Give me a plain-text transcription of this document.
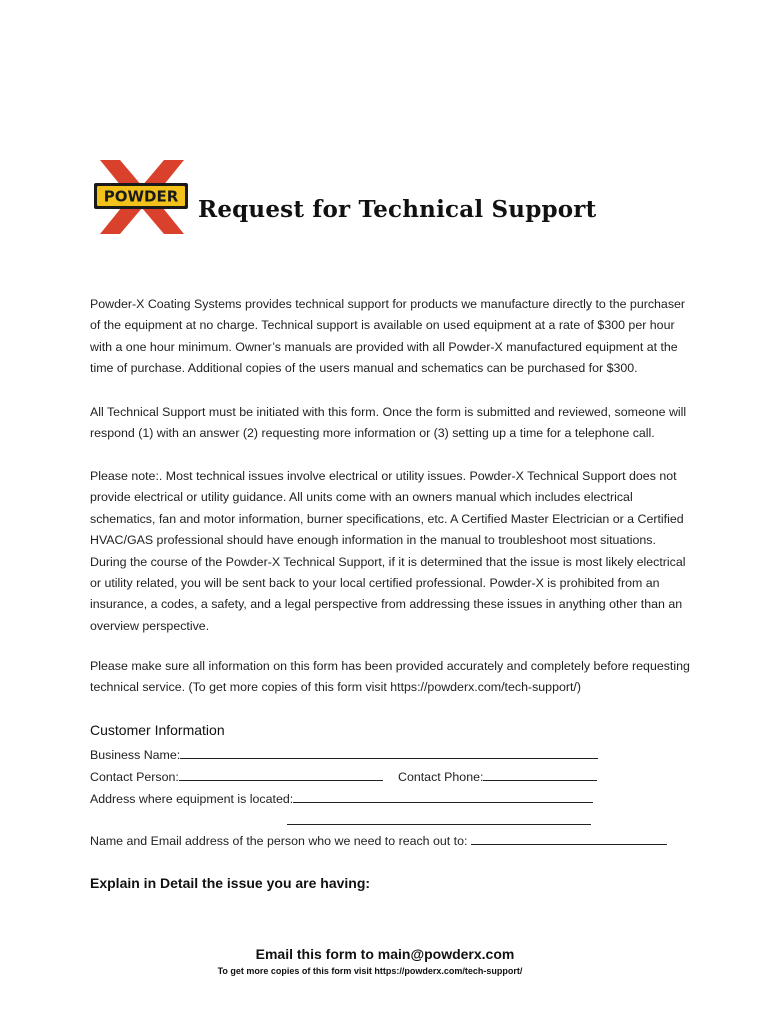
POWDER Request for Technical Support

Powder-X Coating Systems provides technical support for products we manufacture directly to the purchaser of the equipment at no charge. Technical support is available on used equipment at a rate of $300 per hour with a one hour minimum. Owner’s manuals are provided with all Powder-X manufactured equipment at the time of purchase. Additional copies of the users manual and schematics can be purchased for $300.

All Technical Support must be initiated with this form. Once the form is submitted and reviewed, someone will respond (1) with an answer (2) requesting more information or (3) setting up a time for a telephone call.

Please note:. Most technical issues involve electrical or utility issues. Powder-X Technical Support does not provide electrical or utility guidance. All units come with an owners manual which includes electrical schematics, fan and motor information, burner specifications, etc. A Certified Master Electrician or a Certified HVAC/GAS professional should have enough information in the manual to troubleshoot most situations. During the course of the Powder-X Technical Support, if it is determined that the issue is most likely electrical or utility related, you will be sent back to your local certified professional. Powder-X is prohibited from an insurance, a codes, a safety, and a legal perspective from addressing these issues in anything other than an overview perspective.

Please make sure all information on this form has been provided accurately and completely before requesting technical service. (To get more copies of this form visit https://powderx.com/tech-support/)

Customer Information
Business Name:
Contact Person:	Contact Phone:
Address where equipment is located:
Name and Email address of the person who we need to reach out to:
Explain in Detail the issue you are having:
Email this form to main@powderx.com
To get more copies of this form visit https://powderx.com/tech-support/
